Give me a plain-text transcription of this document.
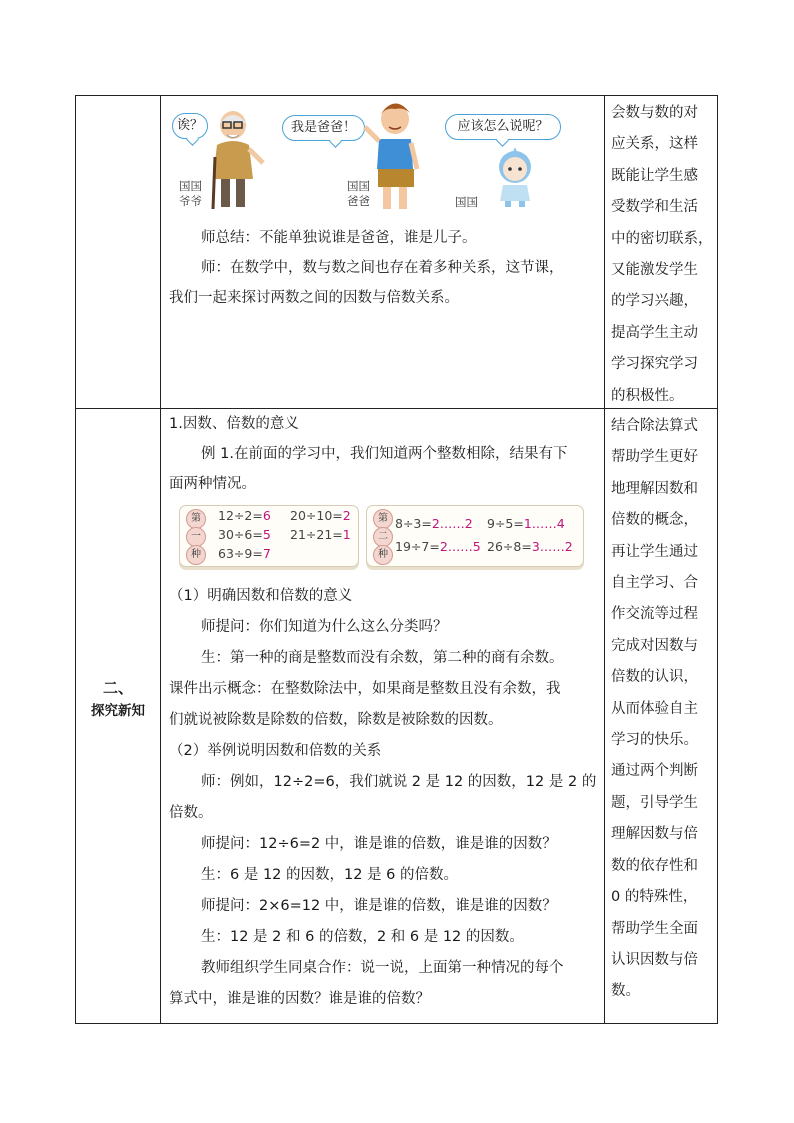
诶？	我是爸爸！	应该怎么说呢？
国国
爷爷
国国
爸爸	国国
师总结：不能单独说谁是爸爸，谁是儿子。
师：在数学中，数与数之间也存在着多种关系，这节课，
我们一起来探讨两数之间的因数与倍数关系。
会数与数的对
应关系，这样
既能让学生感
受数学和生活
中的密切联系，
又能激发学生
的学习兴趣，
提高学生主动
学习探究学习
的积极性。
二、
探究新知
1.因数、倍数的意义
例 1.在前面的学习中，我们知道两个整数相除，结果有下
面两种情况。
第
一
种
12÷2=6 20÷10=2
30÷6=5 21÷21=1
63÷9=7
第
二
种
8÷3=2……2 9÷5=1……4
19÷7=2……5 26÷8=3……2
（1）明确因数和倍数的意义
师提问：你们知道为什么这么分类吗？
生：第一种的商是整数而没有余数，第二种的商有余数。
课件出示概念：在整数除法中，如果商是整数且没有余数，我
们就说被除数是除数的倍数，除数是被除数的因数。
（2）举例说明因数和倍数的关系
师：例如，12÷2=6，我们就说 2 是 12 的因数，12 是 2 的
倍数。
师提问：12÷6=2 中，谁是谁的倍数，谁是谁的因数？
生：6 是 12 的因数，12 是 6 的倍数。
师提问：2×6=12 中，谁是谁的倍数，谁是谁的因数？
生：12 是 2 和 6 的倍数，2 和 6 是 12 的因数。
教师组织学生同桌合作：说一说，上面第一种情况的每个
算式中，谁是谁的因数？谁是谁的倍数？
结合除法算式
帮助学生更好
地理解因数和
倍数的概念，
再让学生通过
自主学习、合
作交流等过程
完成对因数与
倍数的认识，
从而体验自主
学习的快乐。
通过两个判断
题，引导学生
理解因数与倍
数的依存性和
0 的特殊性，
帮助学生全面
认识因数与倍
数。
